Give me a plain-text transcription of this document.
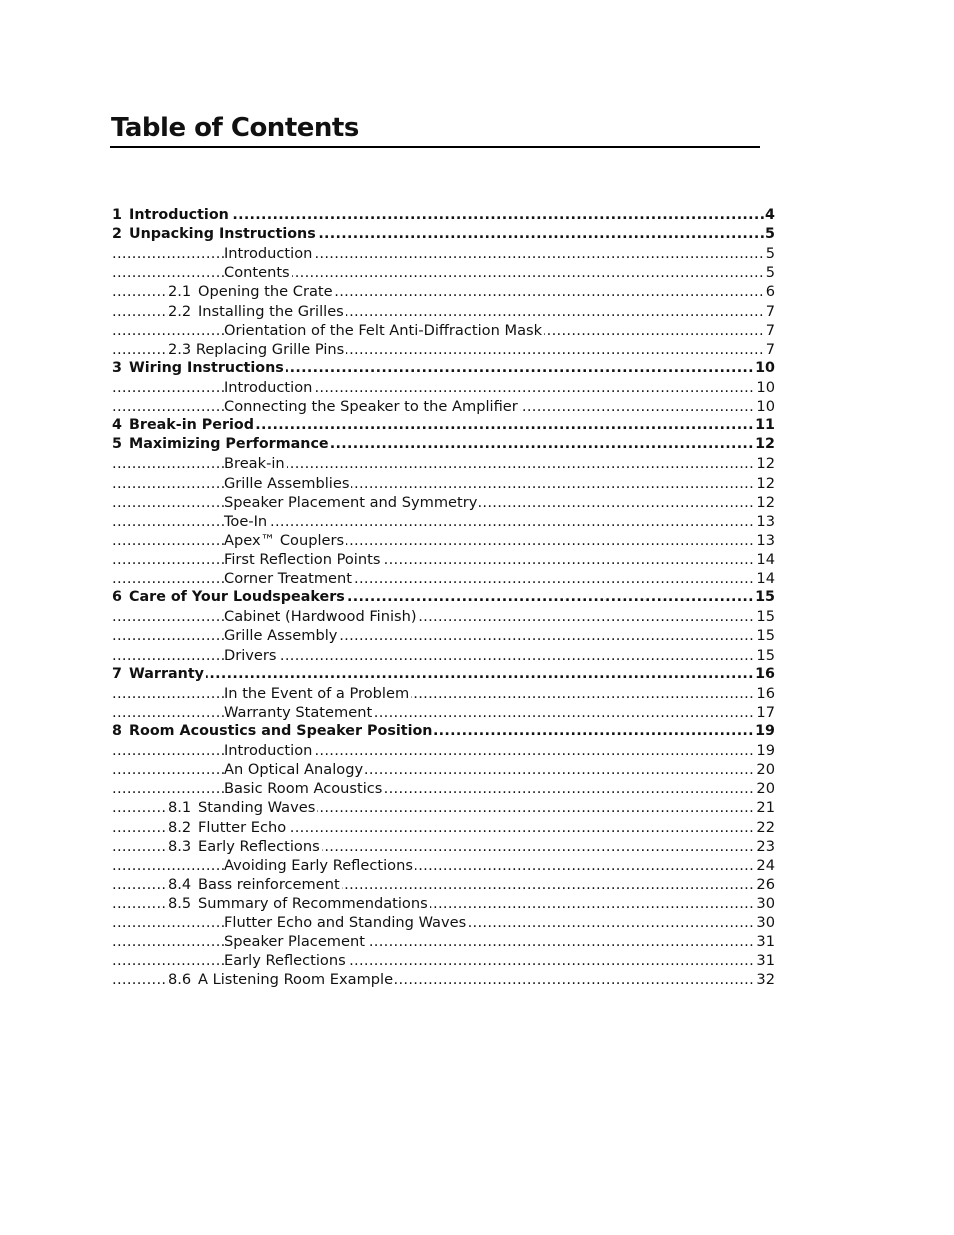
Table of Contents
.....
1 Introduction	4
.....
2 Unpacking Instructions	5
.....
Introduction	5
.....
Contents	5
.....
2.1 Opening the Crate	6
.....
2.2 Installing the Grilles	7
.....
Orientation of the Felt Anti-Diffraction Mask	7
.....
2.3 Replacing Grille Pins	7
.....
3 Wiring Instructions	10
.....
Introduction	10
.....
Connecting the Speaker to the Amplifier	10
.....
4 Break-in Period	11
.....
5 Maximizing Performance	12
.....
Break-in	12
.....
Grille Assemblies	12
.....
Speaker Placement and Symmetry	12
.....
Toe-In	13
.....
Apex™ Couplers	13
.....
First Reflection Points	14
.....
Corner Treatment	14
.....
6 Care of Your Loudspeakers	15
.....
Cabinet (Hardwood Finish)	15
.....
Grille Assembly	15
.....
Drivers	15
.....
7 Warranty	16
.....
In the Event of a Problem	16
.....
Warranty Statement	17
.....
8 Room Acoustics and Speaker Position	19
.....
Introduction	19
.....
An Optical Analogy	20
.....
Basic Room Acoustics	20
.....
8.1 Standing Waves	21
.....
8.2 Flutter Echo	22
.....
8.3 Early Reflections	23
.....
Avoiding Early Reflections	24
.....
8.4 Bass reinforcement	26
.....
8.5 Summary of Recommendations	30
.....
Flutter Echo and Standing Waves	30
.....
Speaker Placement	31
.....
Early Reflections	31
.....
8.6 A Listening Room Example	32
